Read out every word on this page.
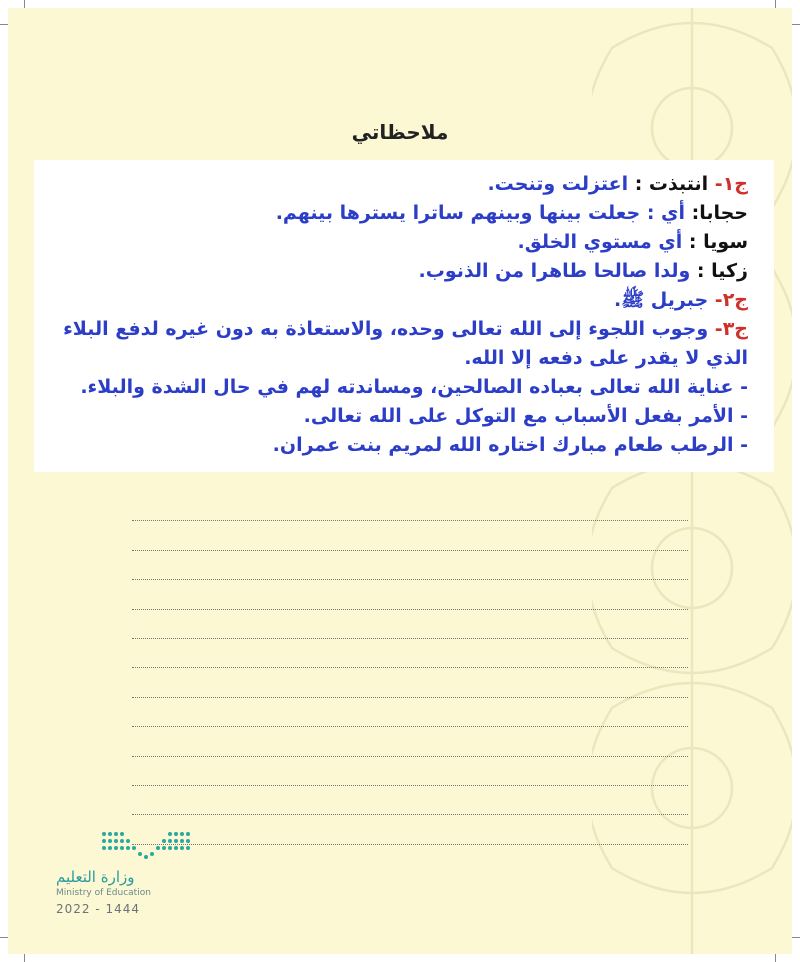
ملاحظاتي

ج١- انتبذت : اعتزلت وتنحت.

حجابا: أي : جعلت بينها وبينهم ساترا يسترها بينهم.

سويا : أي مستوي الخلق.

زكيا : ولدا صالحا طاهرا من الذنوب.

ج٢- جبريل ﷺ.

ج٣- وجوب اللجوء إلى الله تعالى وحده، والاستعاذة به دون غيره لدفع البلاء الذي لا يقدر على دفعه إلا الله.

- عناية الله تعالى بعباده الصالحين، ومساندته لهم في حال الشدة والبلاء.

- الأمر بفعل الأسباب مع التوكل على الله تعالى.

- الرطب طعام مبارك اختاره الله لمريم بنت عمران.

وزارة التعليم
Ministry of Education
2022 - 1444
